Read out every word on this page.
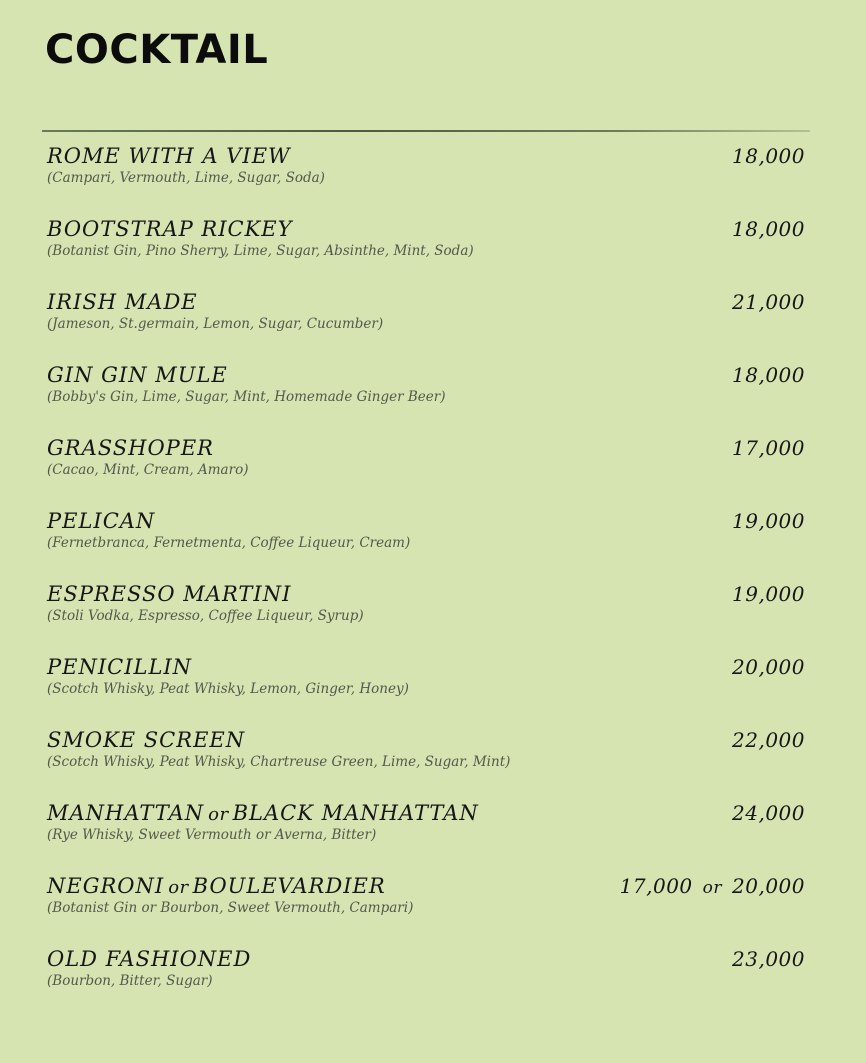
COCKTAIL
ROME WITH A VIEW	18,000
(Campari, Vermouth, Lime, Sugar, Soda)
BOOTSTRAP RICKEY	18,000
(Botanist Gin, Pino Sherry, Lime, Sugar, Absinthe, Mint, Soda)
IRISH MADE	21,000
(Jameson, St.germain, Lemon, Sugar, Cucumber)
GIN GIN MULE	18,000
(Bobby's Gin, Lime, Sugar, Mint, Homemade Ginger Beer)
GRASSHOPER	17,000
(Cacao, Mint, Cream, Amaro)
PELICAN	19,000
(Fernetbranca, Fernetmenta, Coffee Liqueur, Cream)
ESPRESSO MARTINI	19,000
(Stoli Vodka, Espresso, Coffee Liqueur, Syrup)
PENICILLIN	20,000
(Scotch Whisky, Peat Whisky, Lemon, Ginger, Honey)
SMOKE SCREEN	22,000
(Scotch Whisky, Peat Whisky, Chartreuse Green, Lime, Sugar, Mint)
MANHATTAN or BLACK MANHATTAN	24,000
(Rye Whisky, Sweet Vermouth or Averna, Bitter)
NEGRONI or BOULEVARDIER	17,000 or 20,000
(Botanist Gin or Bourbon, Sweet Vermouth, Campari)
OLD FASHIONED	23,000
(Bourbon, Bitter, Sugar)
